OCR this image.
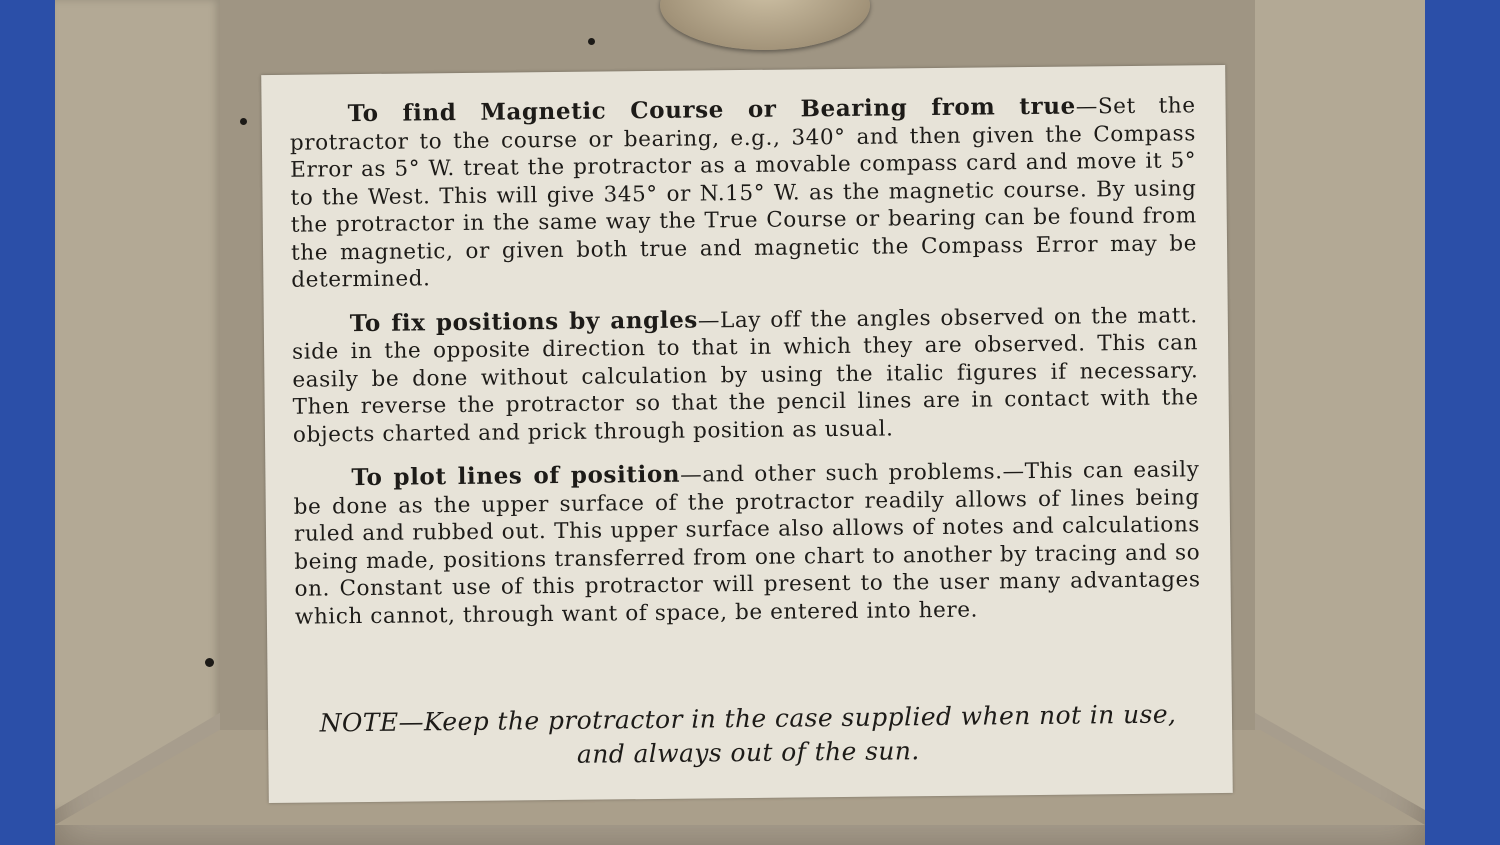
To find Magnetic Course or Bearing from true—Set the protractor to the course or bearing, e.g., 340° and then given the Compass Error as 5° W. treat the protractor as a movable compass card and move it 5° to the West. This will give 345° or N.15° W. as the magnetic course. By using the protractor in the same way the True Course or bearing can be found from the magnetic, or given both true and magnetic the Compass Error may be determined.

To fix positions by angles—Lay off the angles observed on the matt. side in the opposite direction to that in which they are observed. This can easily be done without calculation by using the italic figures if necessary. Then reverse the protractor so that the pencil lines are in contact with the objects charted and prick through position as usual.

To plot lines of position—and other such problems.—This can easily be done as the upper surface of the protractor readily allows of lines being ruled and rubbed out. This upper surface also allows of notes and calculations being made, positions transferred from one chart to another by tracing and so on. Constant use of this protractor will present to the user many advantages which cannot, through want of space, be entered into here.

NOTE—Keep the protractor in the case supplied when not in use, and always out of the sun.
